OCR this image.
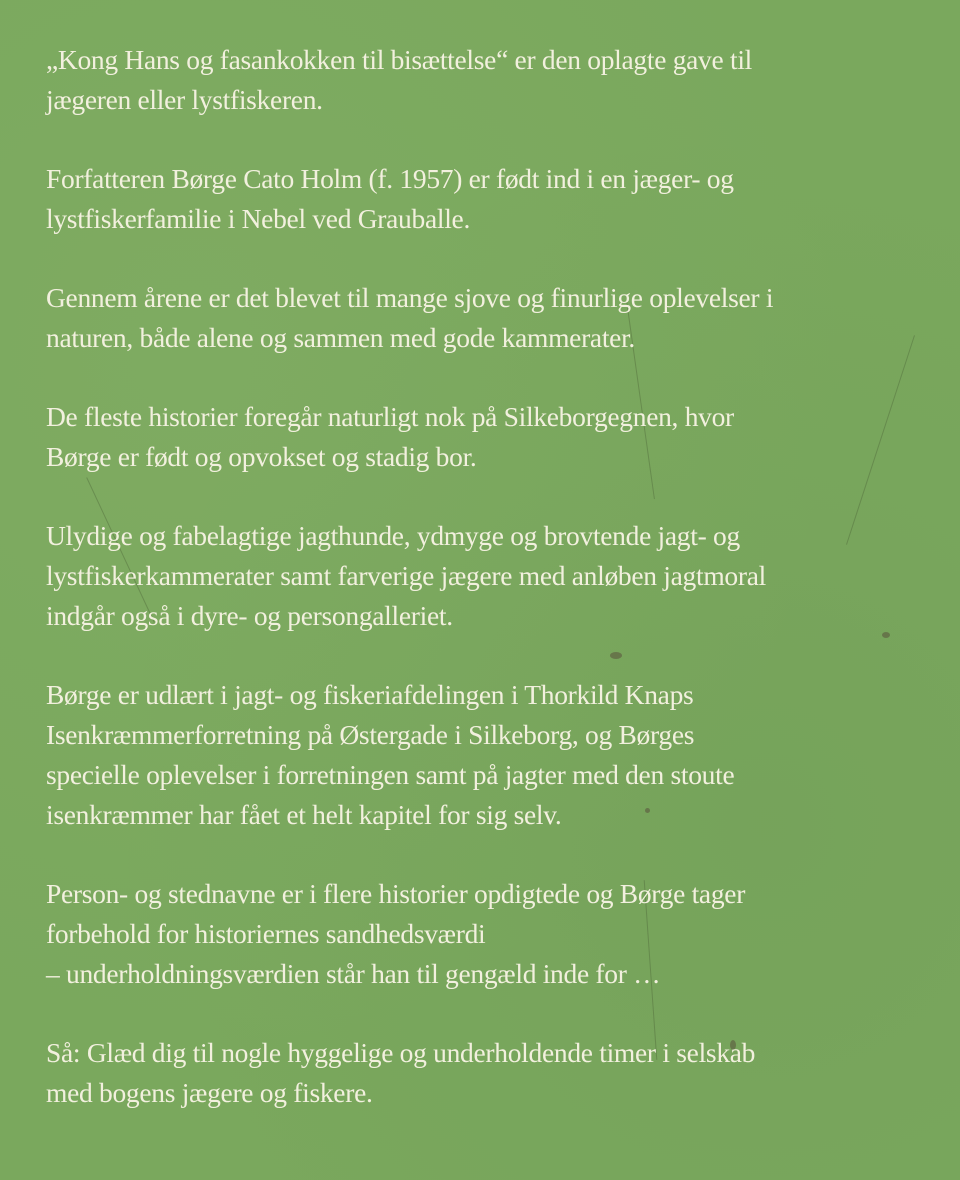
„Kong Hans og fasankokken til bisættelse“ er den oplagte gave til
jægeren eller lystfiskeren.

Forfatteren Børge Cato Holm (f. 1957) er født ind i en jæger- og
lystfiskerfamilie i Nebel ved Grauballe.

Gennem årene er det blevet til mange sjove og finurlige oplevelser i
naturen, både alene og sammen med gode kammerater.

De fleste historier foregår naturligt nok på Silkeborgegnen, hvor
Børge er født og opvokset og stadig bor.

Ulydige og fabelagtige jagthunde, ydmyge og brovtende jagt- og
lystfiskerkammerater samt farverige jægere med anløben jagtmoral
indgår også i dyre- og persongalleriet.

Børge er udlært i jagt- og fiskeriafdelingen i Thorkild Knaps
Isenkræmmerforretning på Østergade i Silkeborg, og Børges
specielle oplevelser i forretningen samt på jagter med den stoute
isenkræmmer har fået et helt kapitel for sig selv.

Person- og stednavne er i flere historier opdigtede og Børge tager
forbehold for historiernes sandhedsværdi
– underholdningsværdien står han til gengæld inde for …

Så: Glæd dig til nogle hyggelige og underholdende timer i selskab
med bogens jægere og fiskere.
